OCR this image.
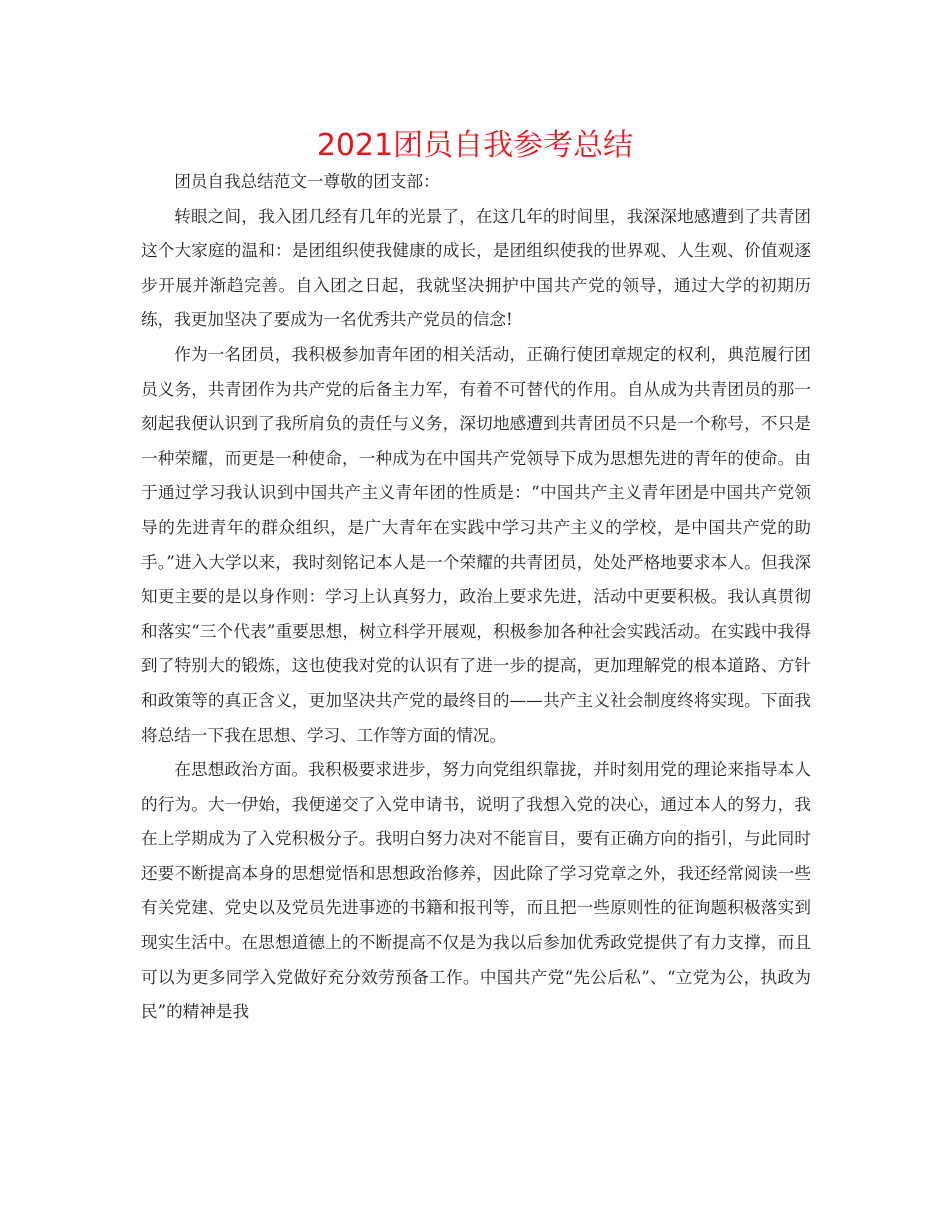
2021团员自我参考总结

团员自我总结范文一尊敬的团支部：

转眼之间，我入团几经有几年的光景了，在这几年的时间里，我深深地感遭到了共青团这个大家庭的温和：是团组织使我健康的成长，是团组织使我的世界观、人生观、价值观逐步开展并渐趋完善。自入团之日起，我就坚决拥护中国共产党的领导，通过大学的初期历练，我更加坚决了要成为一名优秀共产党员的信念!

作为一名团员，我积极参加青年团的相关活动，正确行使团章规定的权利，典范履行团员义务，共青团作为共产党的后备主力军，有着不可替代的作用。自从成为共青团员的那一刻起我便认识到了我所肩负的责任与义务，深切地感遭到共青团员不只是一个称号，不只是一种荣耀，而更是一种使命，一种成为在中国共产党领导下成为思想先进的青年的使命。由于通过学习我认识到中国共产主义青年团的性质是：“中国共产主义青年团是中国共产党领导的先进青年的群众组织，是广大青年在实践中学习共产主义的学校，是中国共产党的助手。”进入大学以来，我时刻铭记本人是一个荣耀的共青团员，处处严格地要求本人。但我深知更主要的是以身作则：学习上认真努力，政治上要求先进，活动中更要积极。我认真贯彻和落实“三个代表”重要思想，树立科学开展观，积极参加各种社会实践活动。在实践中我得到了特别大的锻炼，这也使我对党的认识有了进一步的提高，更加理解党的根本道路、方针和政策等的真正含义，更加坚决共产党的最终目的——共产主义社会制度终将实现。下面我将总结一下我在思想、学习、工作等方面的情况。

在思想政治方面。我积极要求进步，努力向党组织靠拢，并时刻用党的理论来指导本人的行为。大一伊始，我便递交了入党申请书，说明了我想入党的决心，通过本人的努力，我在上学期成为了入党积极分子。我明白努力决对不能盲目，要有正确方向的指引，与此同时还要不断提高本身的思想觉悟和思想政治修养，因此除了学习党章之外，我还经常阅读一些有关党建、党史以及党员先进事迹的书籍和报刊等，而且把一些原则性的征询题积极落实到现实生活中。在思想道德上的不断提高不仅是为我以后参加优秀政党提供了有力支撑，而且可以为更多同学入党做好充分效劳预备工作。中国共产党“先公后私”、“立党为公，执政为民”的精神是我
